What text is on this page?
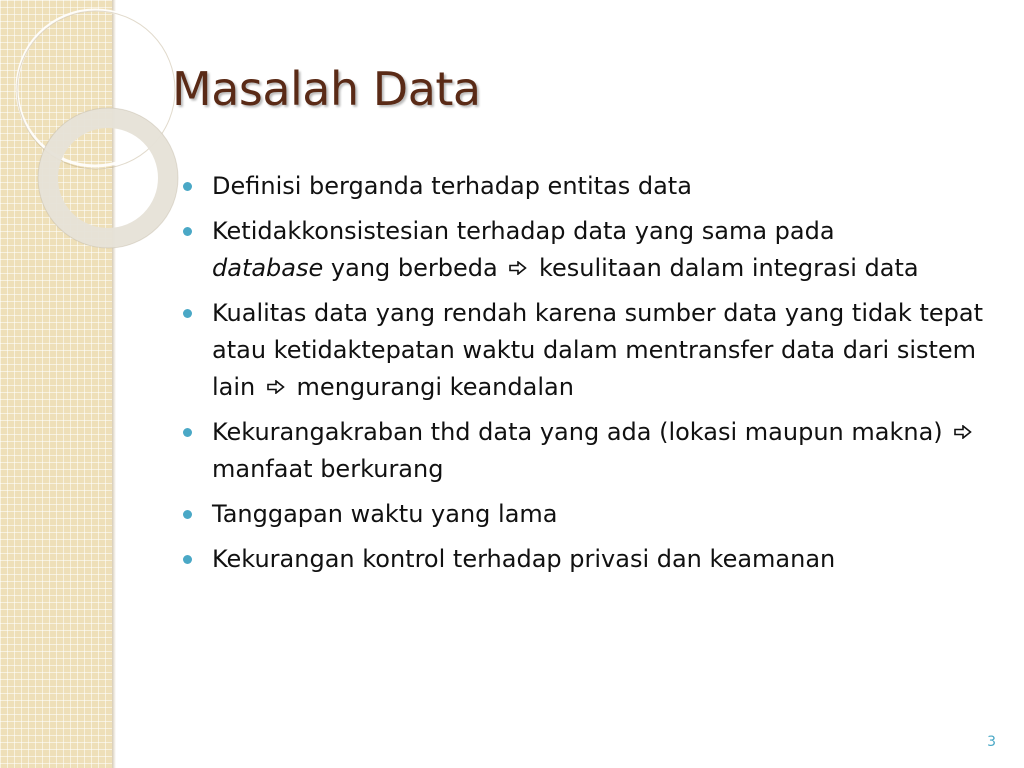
Masalah Data
Definisi berganda terhadap entitas data
Ketidakkonsistesian terhadap data yang sama pada
database yang berbeda kesulitaan dalam integrasi data
Kualitas data yang rendah karena sumber data yang tidak tepat atau ketidaktepatan waktu dalam mentransfer data dari sistem lain mengurangi keandalan
Kekurangakraban thd data yang ada (lokasi maupun makna)  manfaat berkurang
Tanggapan waktu yang lama
Kekurangan kontrol terhadap privasi dan keamanan
3
